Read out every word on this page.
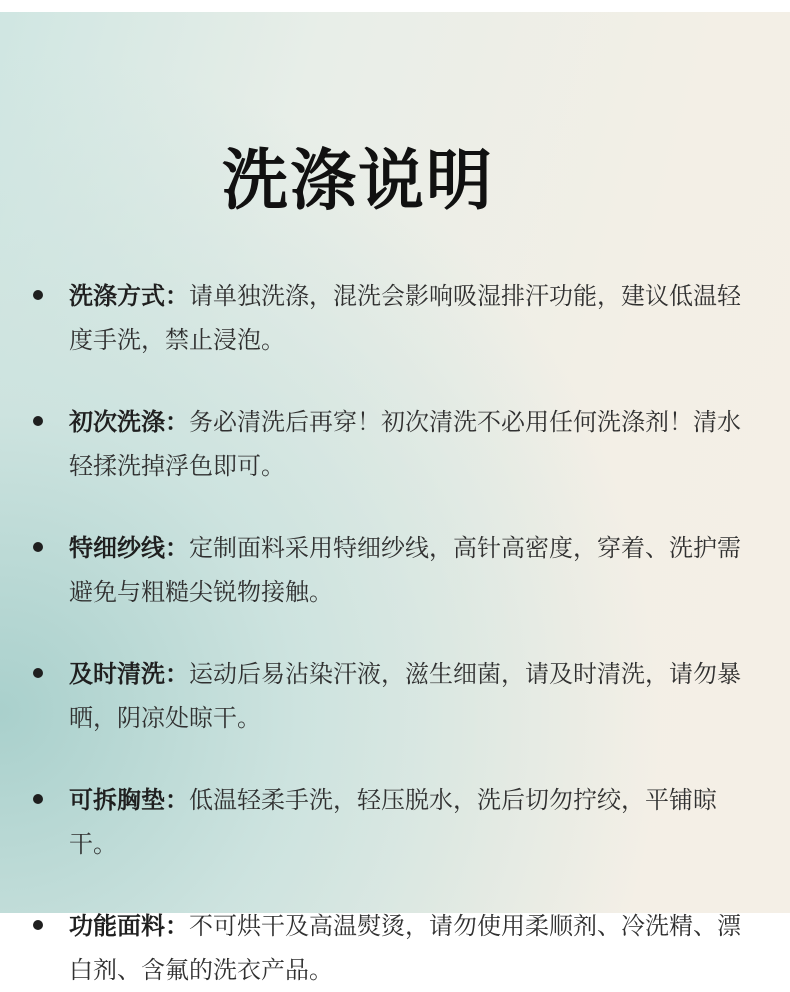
洗涤说明
洗涤方式：请单独洗涤，混洗会影响吸湿排汗功能，建议低温轻度手洗，禁止浸泡。
初次洗涤：务必清洗后再穿！初次清洗不必用任何洗涤剂！清水轻揉洗掉浮色即可。
特细纱线：定制面料采用特细纱线，高针高密度，穿着、洗护需避免与粗糙尖锐物接触。
及时清洗：运动后易沾染汗液，滋生细菌，请及时清洗，请勿暴晒，阴凉处晾干。
可拆胸垫：低温轻柔手洗，轻压脱水，洗后切勿拧绞，平铺晾干。
功能面料：不可烘干及高温熨烫，请勿使用柔顺剂、冷洗精、漂白剂、含氟的洗衣产品。
